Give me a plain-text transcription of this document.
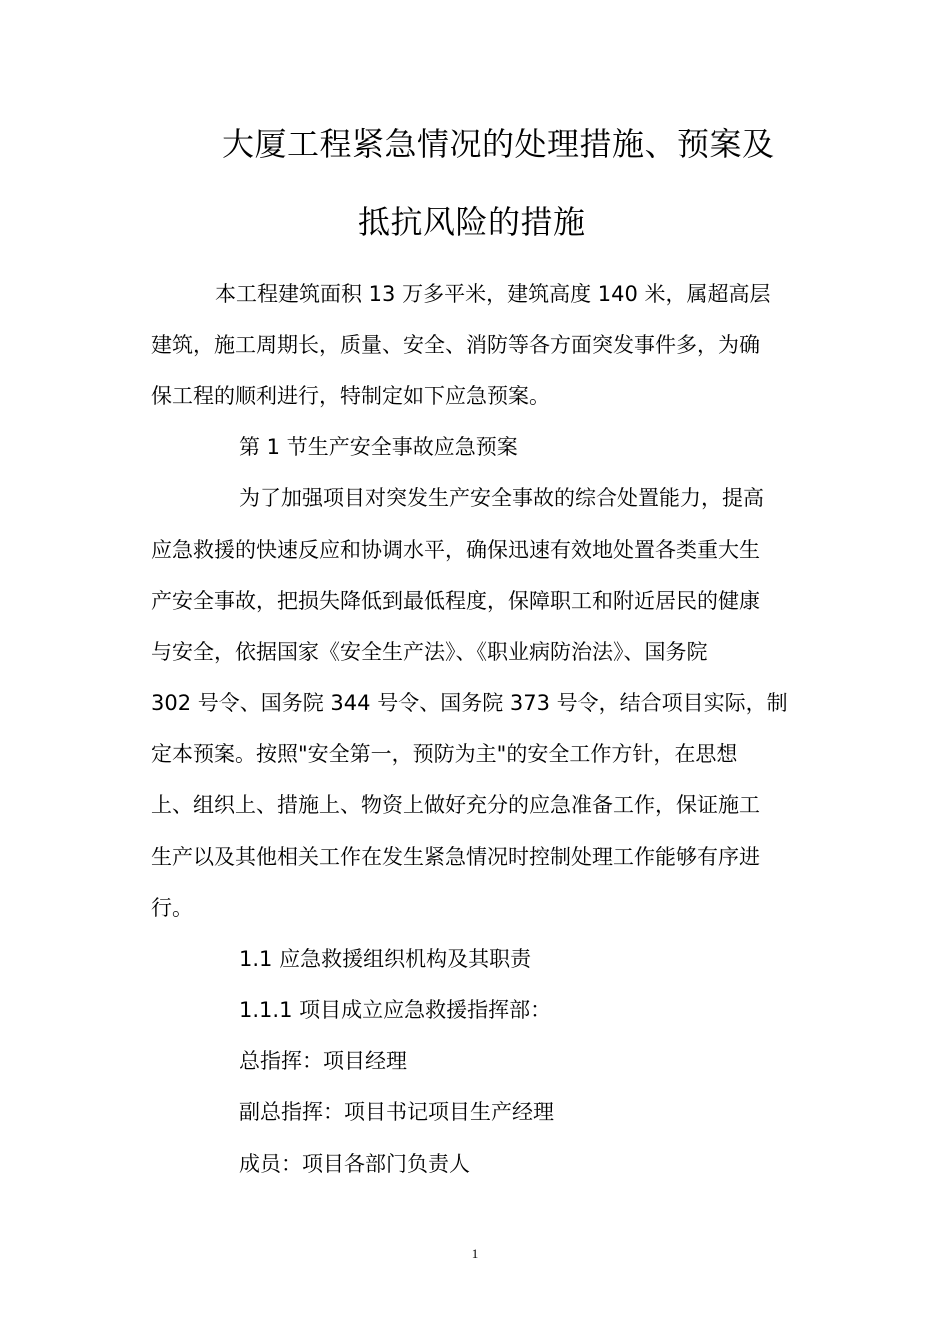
大厦工程紧急情况的处理措施、预案及
抵抗风险的措施
本工程建筑面积 13 万多平米，建筑高度 140 米，属超高层
建筑，施工周期长，质量、安全、消防等各方面突发事件多，为确
保工程的顺利进行，特制定如下应急预案。
第 1 节生产安全事故应急预案
为了加强项目对突发生产安全事故的综合处置能力，提高
应急救援的快速反应和协调水平，确保迅速有效地处置各类重大生
产安全事故，把损失降低到最低程度，保障职工和附近居民的健康
与安全，依据国家《安全生产法》、《职业病防治法》、国务院
302 号令、国务院 344 号令、国务院 373 号令，结合项目实际，制
定本预案。按照"安全第一，预防为主"的安全工作方针，在思想
上、组织上、措施上、物资上做好充分的应急准备工作，保证施工
生产以及其他相关工作在发生紧急情况时控制处理工作能够有序进
行。
1.1 应急救援组织机构及其职责
1.1.1 项目成立应急救援指挥部：
总指挥：项目经理
副总指挥：项目书记项目生产经理
成员：项目各部门负责人
1
